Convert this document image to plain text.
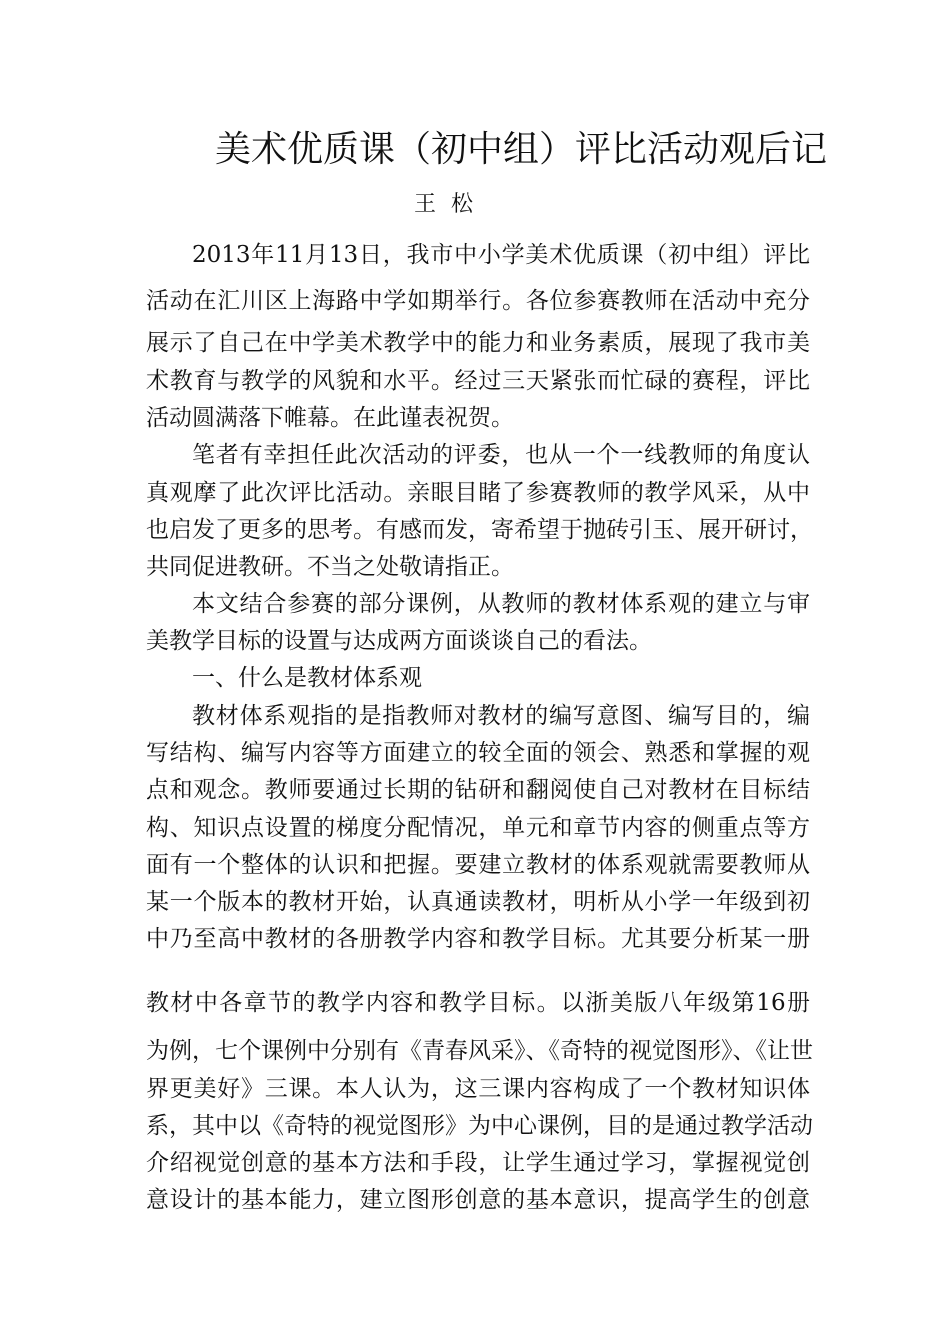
美术优质课（初中组）评比活动观后记
王 松
2013年11月13日，我市中小学美术优质课（初中组）评比
活动在汇川区上海路中学如期举行。各位参赛教师在活动中充分
展示了自己在中学美术教学中的能力和业务素质，展现了我市美
术教育与教学的风貌和水平。经过三天紧张而忙碌的赛程，评比
活动圆满落下帷幕。在此谨表祝贺。
笔者有幸担任此次活动的评委，也从一个一线教师的角度认
真观摩了此次评比活动。亲眼目睹了参赛教师的教学风采，从中
也启发了更多的思考。有感而发，寄希望于抛砖引玉、展开研讨，
共同促进教研。不当之处敬请指正。
本文结合参赛的部分课例，从教师的教材体系观的建立与审
美教学目标的设置与达成两方面谈谈自己的看法。
一、什么是教材体系观
教材体系观指的是指教师对教材的编写意图、编写目的，编
写结构、编写内容等方面建立的较全面的领会、熟悉和掌握的观
点和观念。教师要通过长期的钻研和翻阅使自己对教材在目标结
构、知识点设置的梯度分配情况，单元和章节内容的侧重点等方
面有一个整体的认识和把握。要建立教材的体系观就需要教师从
某一个版本的教材开始，认真通读教材，明析从小学一年级到初
中乃至高中教材的各册教学内容和教学目标。尤其要分析某一册
教材中各章节的教学内容和教学目标。以浙美版八年级第16册
为例，七个课例中分别有《青春风采》、《奇特的视觉图形》、《让世
界更美好》三课。本人认为，这三课内容构成了一个教材知识体
系，其中以《奇特的视觉图形》为中心课例，目的是通过教学活动
介绍视觉创意的基本方法和手段，让学生通过学习，掌握视觉创
意设计的基本能力，建立图形创意的基本意识，提高学生的创意
